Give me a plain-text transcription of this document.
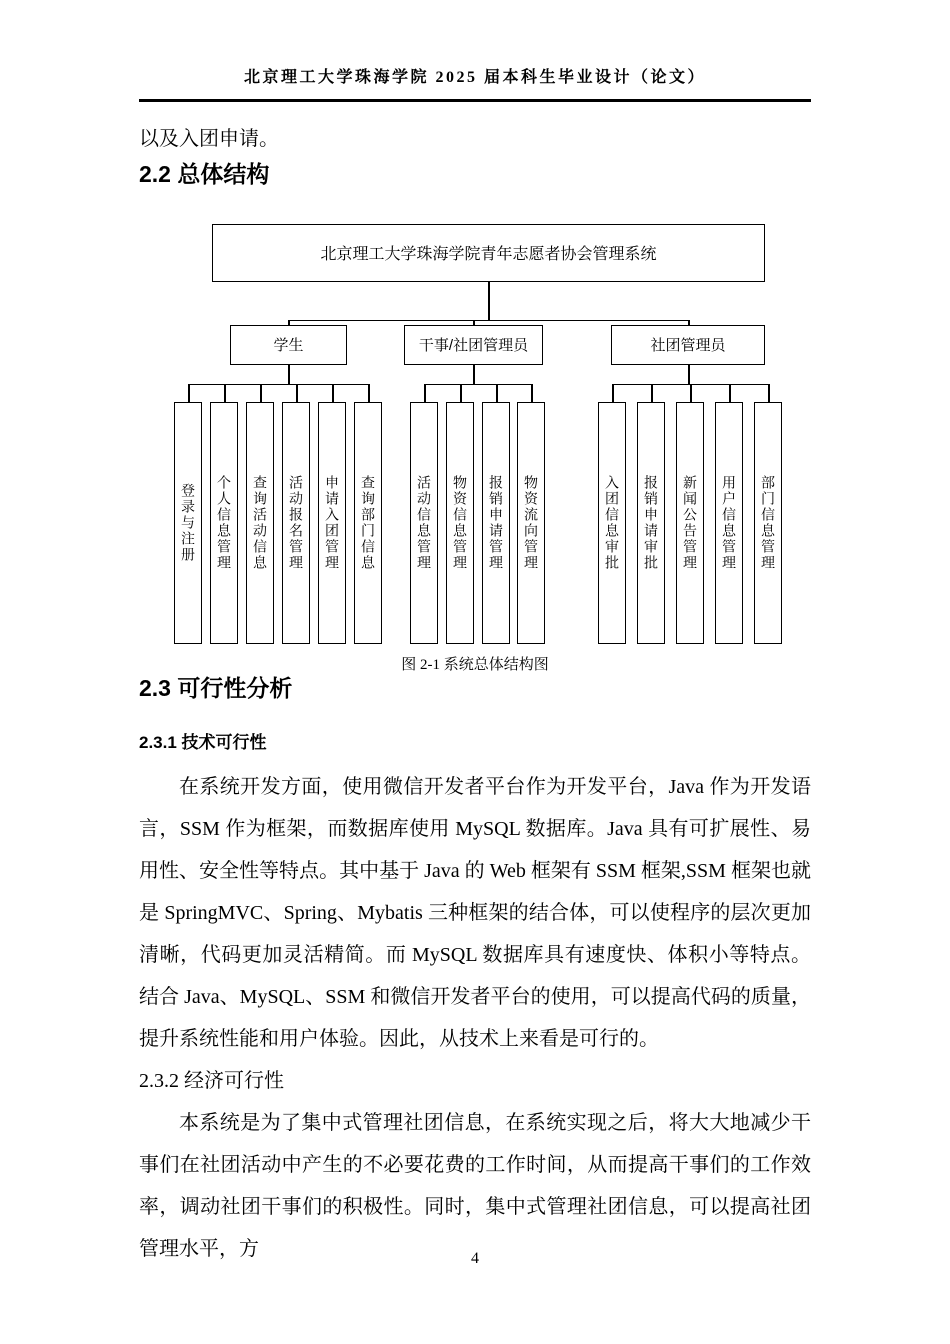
北京理工大学珠海学院 2025 届本科生毕业设计（论文）

以及入团申请。

2.2 总体结构
北京理工大学珠海学院青年志愿者协会管理系统
学生	干事/社团管理员	社团管理员
登录与注册 个人信息管理 查询活动信息 活动报名管理 申请入团管理 查询部门信息	活动信息管理 物资信息管理 报销申请管理 物资流向管理	入团信息审批 报销申请审批 新闻公告管理 用户信息管理 部门信息管理
图 2-1 系统总体结构图
2.3 可行性分析
2.3.1 技术可行性

在系统开发方面，使用微信开发者平台作为开发平台，Java 作为开发语言，SSM 作为框架，而数据库使用 MySQL 数据库。Java 具有可扩展性、易用性、安全性等特点。其中基于 Java 的 Web 框架有 SSM 框架,SSM 框架也就是 SpringMVC、Spring、Mybatis 三种框架的结合体，可以使程序的层次更加清晰，代码更加灵活精简。而 MySQL 数据库具有速度快、体积小等特点。结合 Java、MySQL、SSM 和微信开发者平台的使用，可以提高代码的质量，提升系统性能和用户体验。因此，从技术上来看是可行的。

2.3.2 经济可行性

本系统是为了集中式管理社团信息，在系统实现之后，将大大地减少干事们在社团活动中产生的不必要花费的工作时间，从而提高干事们的工作效率，调动社团干事们的积极性。同时，集中式管理社团信息，可以提高社团管理水平，方	4
